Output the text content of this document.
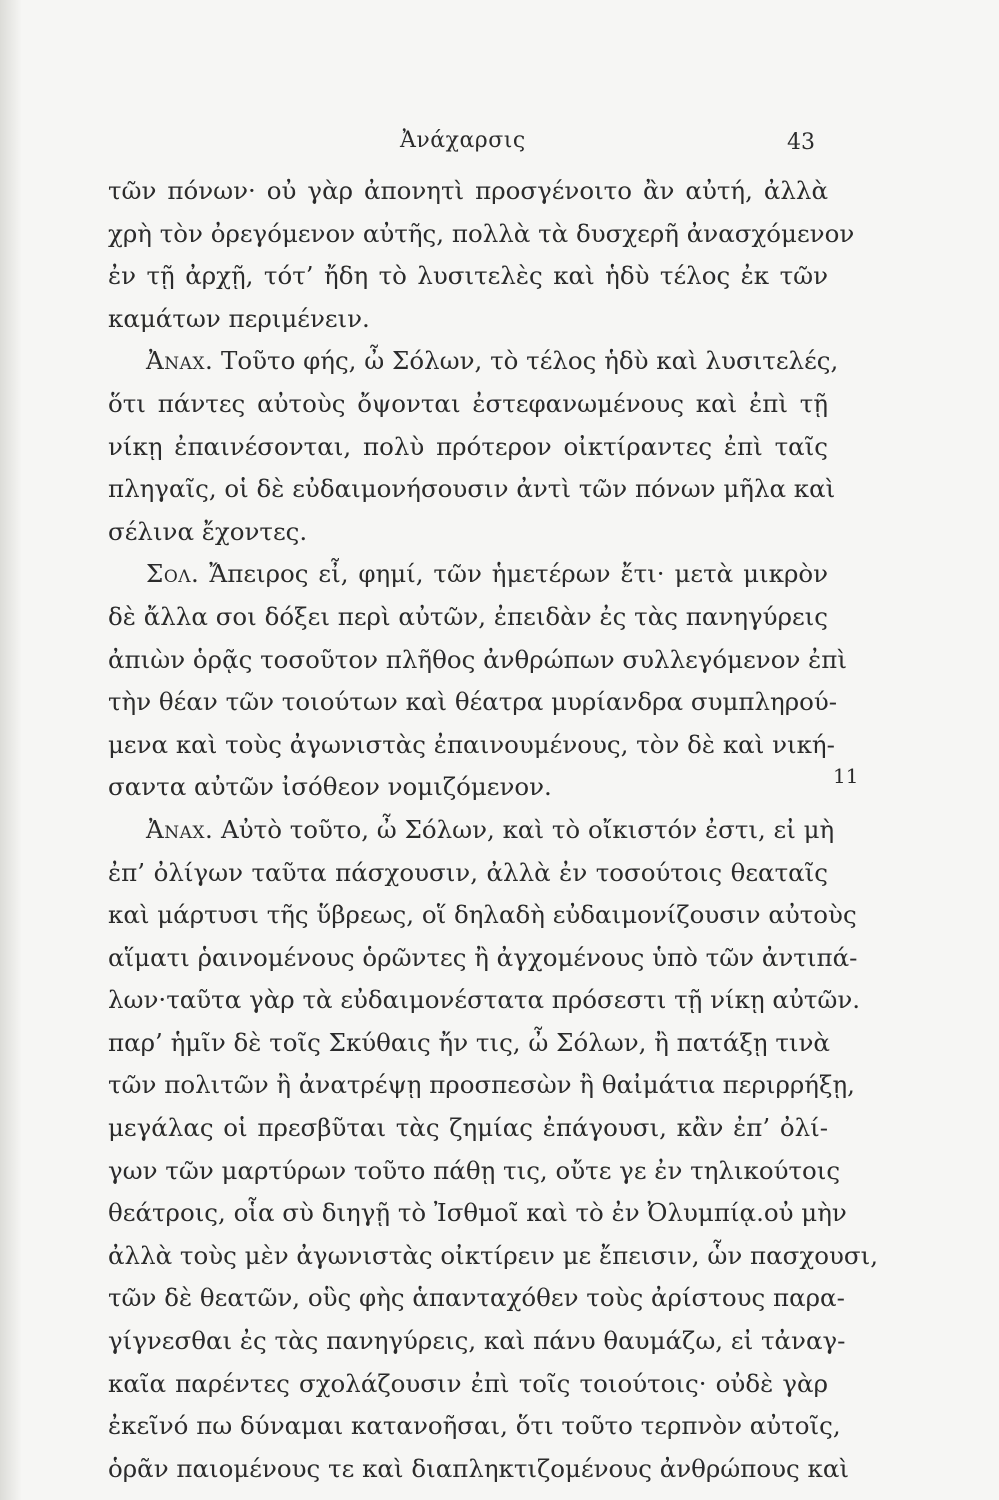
Ἀνάχαρσις	43
τῶν πόνων· οὐ γὰρ ἀπονητὶ προσγένοιτο ἂν αὐτή, ἀλλὰ
χρὴ τὸν ὀρεγόμενον αὐτῆς, πολλὰ τὰ δυσχερῆ ἀνασχόμενον
ἐν τῇ ἀρχῇ, τότ’ ἤδη τὸ λυσιτελὲς καὶ ἡδὺ τέλος ἐκ τῶν
καμάτων περιμένειν.
Ἀναχ. Τοῦτο φής, ὦ Σόλων, τὸ τέλος ἡδὺ καὶ λυσιτελές,
ὅτι πάντες αὐτοὺς ὄψονται ἐστεφανωμένους καὶ ἐπὶ τῇ
νίκῃ ἐπαινέσονται, πολὺ πρότερον οἰκτίραντες ἐπὶ ταῖς
πληγαῖς, οἱ δὲ εὐδαιμονήσουσιν ἀντὶ τῶν πόνων μῆλα καὶ
σέλινα ἔχοντες.
Σολ. Ἄπειρος εἶ, φημί, τῶν ἡμετέρων ἔτι· μετὰ μικρὸν
δὲ ἄλλα σοι δόξει περὶ αὐτῶν, ἐπειδὰν ἐς τὰς πανηγύρεις
ἀπιὼν ὁρᾷς τοσοῦτον πλῆθος ἀνθρώπων συλλεγόμενον ἐπὶ
τὴν θέαν τῶν τοιούτων καὶ θέατρα μυρίανδρα συμπληρού-
μενα καὶ τοὺς ἀγωνιστὰς ἐπαινουμένους, τὸν δὲ καὶ νική-
σαντα αὐτῶν ἰσόθεον νομιζόμενον.
Ἀναχ. Αὐτὸ τοῦτο, ὦ Σόλων, καὶ τὸ οἴκιστόν ἐστι, εἰ μὴ
ἐπ’ ὀλίγων ταῦτα πάσχουσιν, ἀλλὰ ἐν τοσούτοις θεαταῖς
καὶ μάρτυσι τῆς ὕβρεως, οἵ δηλαδὴ εὐδαιμονίζουσιν αὐτοὺς
αἵματι ῥαινομένους ὁρῶντες ἢ ἀγχομένους ὑπὸ τῶν ἀντιπά-
λων·ταῦτα γὰρ τὰ εὐδαιμονέστατα πρόσεστι τῇ νίκῃ αὐτῶν.
παρ’ ἡμῖν δὲ τοῖς Σκύθαις ἤν τις, ὦ Σόλων, ἢ πατάξῃ τινὰ
τῶν πολιτῶν ἢ ἀνατρέψῃ προσπεσὼν ἢ θαἰμάτια περιρρήξῃ,
μεγάλας οἱ πρεσβῦται τὰς ζημίας ἐπάγουσι, κἂν ἐπ’ ὀλί-
γων τῶν μαρτύρων τοῦτο πάθῃ τις, οὔτε γε ἐν τηλικούτοις
θεάτροις, οἷα σὺ διηγῇ τὸ Ἰσθμοῖ καὶ τὸ ἐν Ὀλυμπίᾳ.οὐ μὴν
ἀλλὰ τοὺς μὲν ἀγωνιστὰς οἰκτίρειν με ἔπεισιν, ὧν πασχουσι,
τῶν δὲ θεατῶν, οὓς φὴς ἁπανταχόθεν τοὺς ἀρίστους παρα-
γίγνεσθαι ἐς τὰς πανηγύρεις, καὶ πάνυ θαυμάζω, εἰ τἀναγ-
καῖα παρέντες σχολάζουσιν ἐπὶ τοῖς τοιούτοις· οὐδὲ γὰρ
ἐκεῖνό πω δύναμαι κατανοῆσαι, ὅτι τοῦτο τερπνὸν αὐτοῖς,
ὁρᾶν παιομένους τε καὶ διαπληκτιζομένους ἀνθρώπους καὶ
11
